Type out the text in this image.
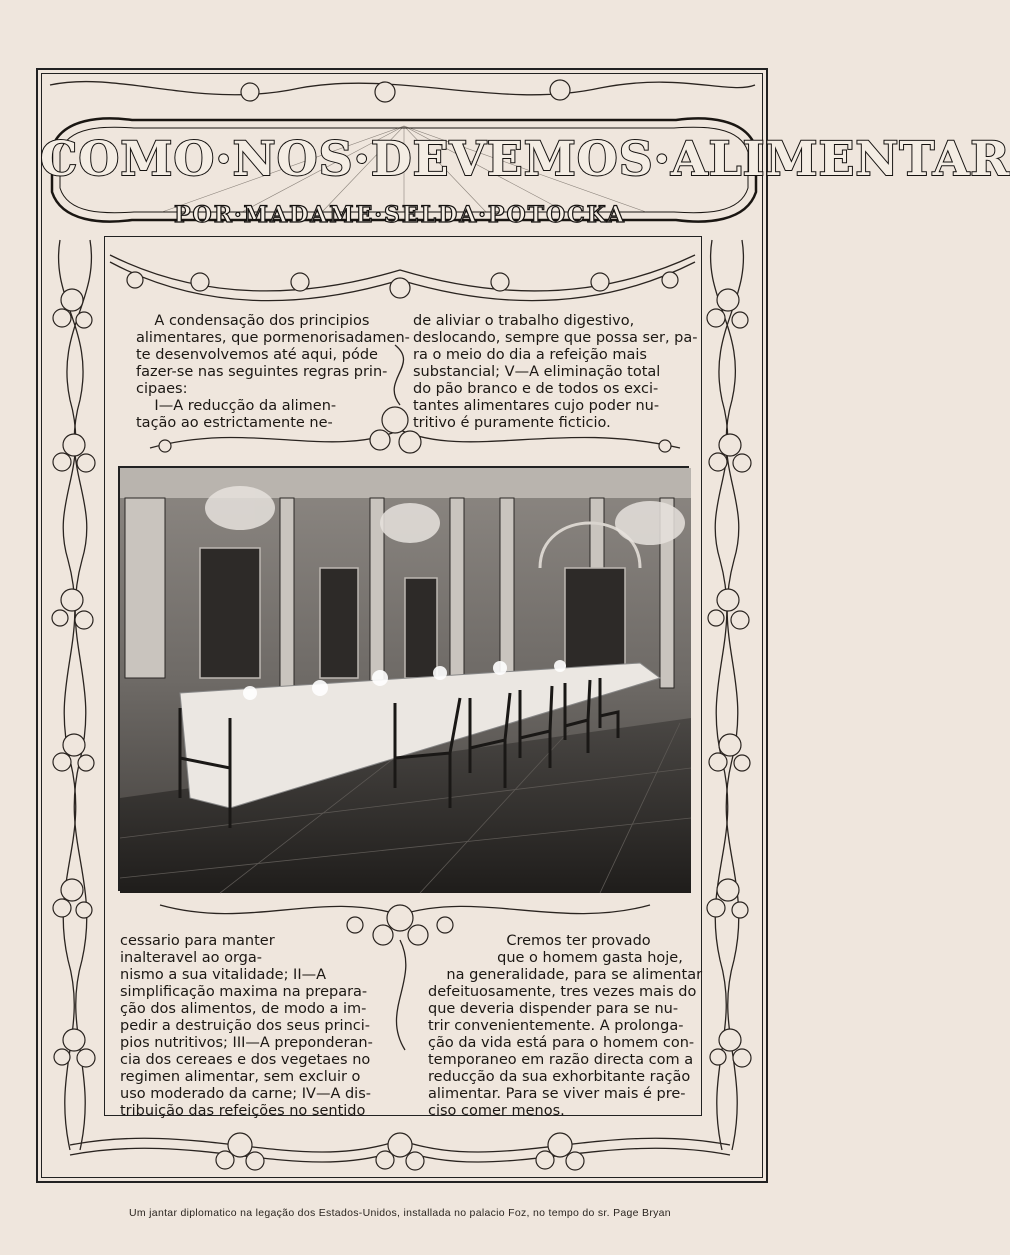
COMO·NOS·DEVEMOS·ALIMENTAR
POR·MADAME·SELDA·POTOCKA
A condensação dos principios
alimentares, que pormenorisadamen-
te desenvolvemos até aqui, póde
fazer-se nas seguintes regras prin-
cipaes:
I—A reducção da alimen-
tação ao estrictamente ne-
de aliviar o trabalho digestivo,
deslocando, sempre que possa ser, pa-
ra o meio do dia a refeição mais
substancial; V—A eliminação total
do pão branco e de todos os exci-
tantes alimentares cujo poder nu-
tritivo é puramente ficticio.
cessario para manter
inalteravel ao orga-
nismo a sua vitalidade; II—A
simplificação maxima na prepara-
ção dos alimentos, de modo a im-
pedir a destruição dos seus princi-
pios nutritivos; III—A preponderan-
cia dos cereaes e dos vegetaes no
regimen alimentar, sem excluir o
uso moderado da carne; IV—A dis-
tribuição das refeições no sentido
Cremos ter provado
que o homem gasta hoje,
na generalidade, para se alimentar
defeituosamente, tres vezes mais do
que deveria dispender para se nu-
trir convenientemente. A prolonga-
ção da vida está para o homem con-
temporaneo em razão directa com a
reducção da sua exhorbitante ração
alimentar. Para se viver mais é pre-
ciso comer menos.
Um jantar diplomatico na legação dos Estados-Unidos, installada no palacio Foz, no tempo do sr. Page Bryan
